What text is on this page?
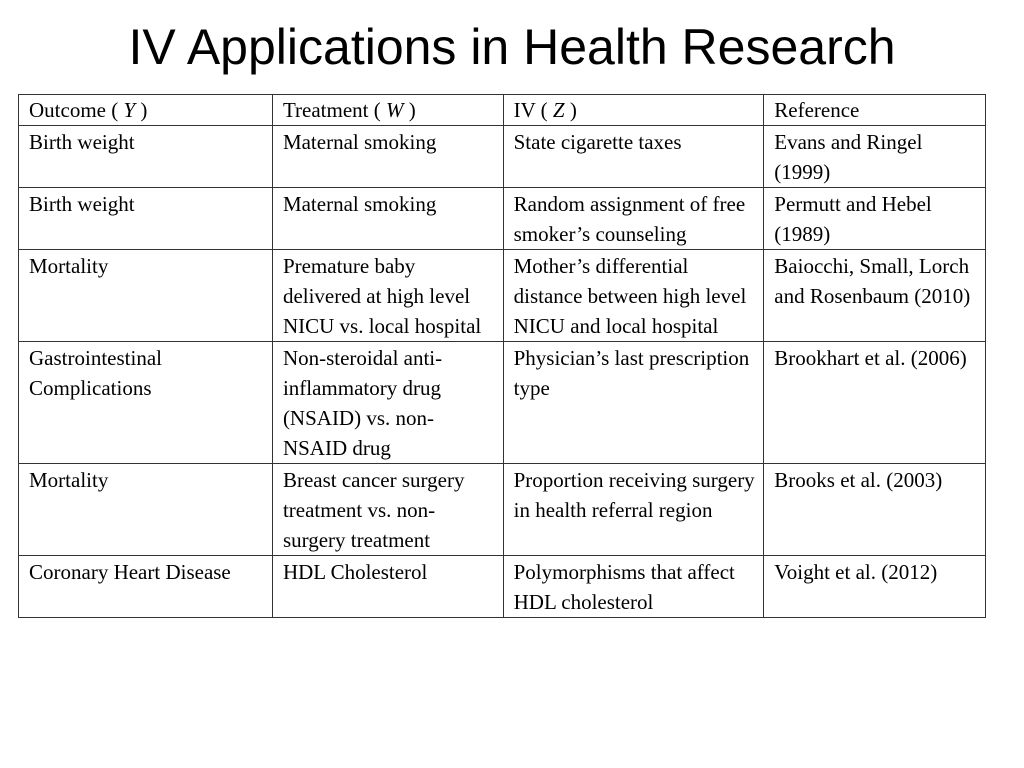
IV Applications in Health Research
Outcome ( Y )	Treatment ( W )	IV ( Z )	Reference
Birth weight	Maternal smoking	State cigarette taxes	Evans and Ringel (1999)
Birth weight	Maternal smoking	Random assignment of free smoker’s counseling	Permutt and Hebel (1989)
Mortality	Premature baby delivered at high level NICU vs. local hospital	Mother’s differential distance between high level NICU and local hospital	Baiocchi, Small, Lorch and Rosenbaum (2010)
Gastrointestinal Complications	Non-steroidal anti-inflammatory drug (NSAID) vs. non-NSAID drug	Physician’s last prescription type	Brookhart et al. (2006)
Mortality	Breast cancer surgery treatment vs. non-surgery treatment	Proportion receiving surgery in health referral region	Brooks et al. (2003)
Coronary Heart Disease	HDL Cholesterol	Polymorphisms that affect HDL cholesterol	Voight et al. (2012)
